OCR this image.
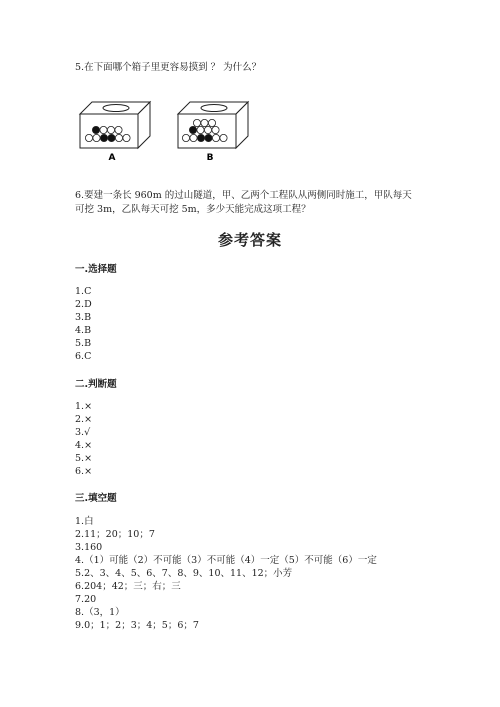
5.在下面哪个箱子里更容易摸到 ？ 为什么？
A	B
6.要建一条长 960m 的过山隧道，甲、乙两个工程队从两侧同时施工，甲队每天
可挖 3m，乙队每天可挖 5m，多少天能完成这项工程？
参考答案
一.选择题
1.C
2.D
3.B
4.B
5.B
6.C
二.判断题
1.×
2.×
3.√
4.×
5.×
6.×
三.填空题
1.白
2.11；20；10；7
3.160
4.（1）可能（2）不可能（3）不可能（4）一定（5）不可能（6）一定
5.2、3、4、5、6、7、8、9、10、11、12；小芳
6.204；42；三；右；三
7.20
8.（3，1）
9.0；1；2；3；4；5；6；7
